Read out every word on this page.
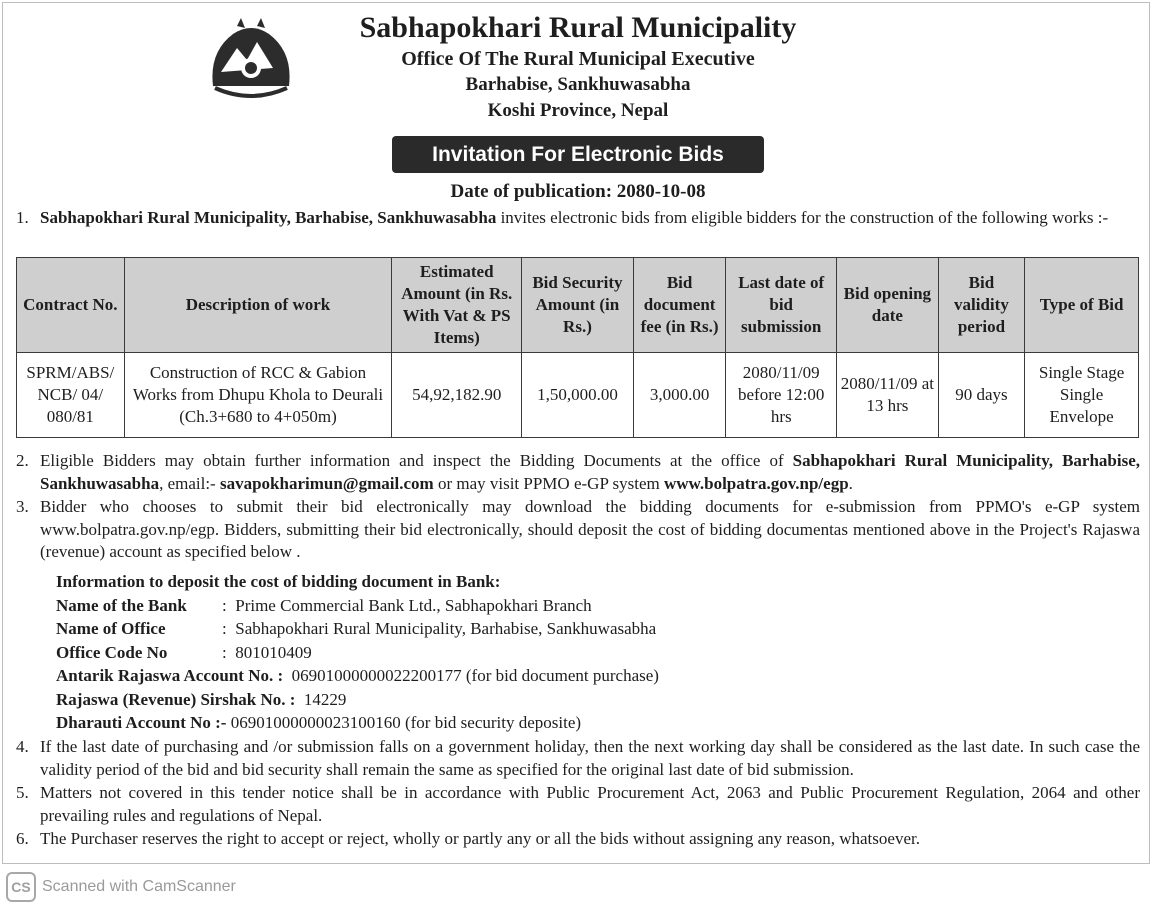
Sabhapokhari Rural Municipality
Office Of The Rural Municipal Executive
Barhabise, Sankhuwasabha
Koshi Province, Nepal
Invitation For Electronic Bids
Date of publication: 2080-10-08
1. Sabhapokhari Rural Municipality, Barhabise, Sankhuwasabha invites electronic bids from eligible bidders for the construction of the following works :-
Contract No.	Description of work	Estimated Amount (in Rs. With Vat & PS Items)	Bid Security Amount (in Rs.)	Bid document fee (in Rs.)	Last date of bid submission	Bid opening date	Bid validity period	Type of Bid
SPRM/ABS/ NCB/ 04/ 080/81	Construction of RCC & Gabion Works from Dhupu Khola to Deurali (Ch.3+680 to 4+050m)	54,92,182.90	1,50,000.00	3,000.00	2080/11/09 before 12:00 hrs	2080/11/09 at 13 hrs	90 days	Single Stage Single Envelope
2. Eligible Bidders may obtain further information and inspect the Bidding Documents at the office of Sabhapokhari Rural Municipality, Barhabise, Sankhuwasabha, email:- savapokharimun@gmail.com or may visit PPMO e-GP system www.bolpatra.gov.np/egp.
3. Bidder who chooses to submit their bid electronically may download the bidding documents for e-submission from PPMO's e-GP system www.bolpatra.gov.np/egp. Bidders, submitting their bid electronically, should deposit the cost of bidding documentas mentioned above in the Project's Rajaswa (revenue) account as specified below .
Information to deposit the cost of bidding document in Bank:
Name of the Bank :  Prime Commercial Bank Ltd., Sabhapokhari Branch
Name of Office	:  Sabhapokhari Rural Municipality, Barhabise, Sankhuwasabha
Office Code No	:  801010409
Antarik Rajaswa Account No. : 06901000000022200177 (for bid document purchase)
Rajaswa (Revenue) Sirshak No. : 14229
Dharauti Account No :- 06901000000023100160 (for bid security deposite)
4. If the last date of purchasing and /or submission falls on a government holiday, then the next working day shall be considered as the last date. In such case the validity period of the bid and bid security shall remain the same as specified for the original last date of bid submission.
5. Matters not covered in this tender notice shall be in accordance with Public Procurement Act, 2063 and Public Procurement Regulation, 2064 and other prevailing rules and regulations of Nepal.
6. The Purchaser reserves the right to accept or reject, wholly or partly any or all the bids without assigning any reason, whatsoever.
CS Scanned with CamScanner
